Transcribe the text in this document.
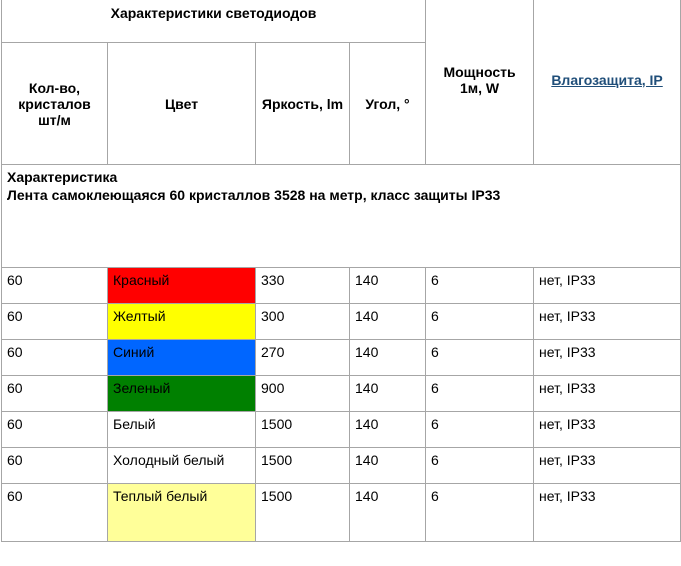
Характеристики светодиодов				Мощность 1м, W	Влагозащита, IP
Кол-во, кристалов шт/м	Цвет	Яркость, lm	Угол, °		

Характеристика
Лента самоклеющаяся 60 кристаллов 3528 на метр, класс защиты IP33					

60	Красный	330	140	6	нет, IP33
60	Желтый	300	140	6	нет, IP33
60	Синий	270	140	6	нет, IP33
60	Зеленый	900	140	6	нет, IP33
60	Белый	1500	140	6	нет, IP33
60	Холодный белый	1500	140	6	нет, IP33
60	Теплый белый	1500	140	6	нет, IP33
